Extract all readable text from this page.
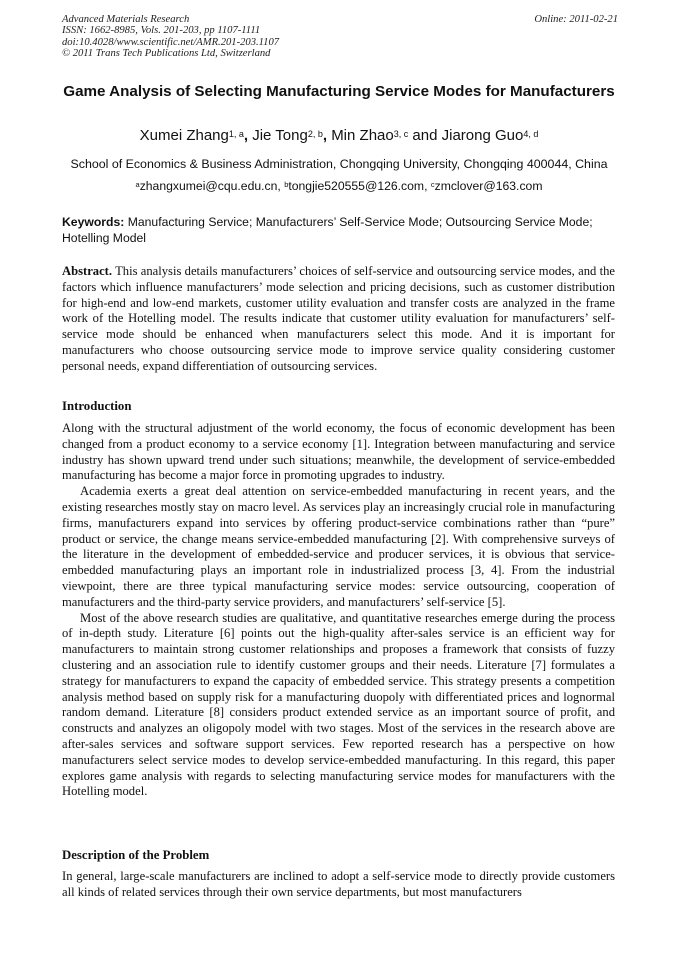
Advanced Materials Research
ISSN: 1662-8985, Vols. 201-203, pp 1107-1111
doi:10.4028/www.scientific.net/AMR.201-203.1107
© 2011 Trans Tech Publications Ltd, Switzerland
Online: 2011-02-21
Game Analysis of Selecting Manufacturing Service Modes for Manufacturers
Xumei Zhang$^{1, a}$, Jie Tong$^{2, b}$, Min Zhao$^{3, c}$ and Jiarong Guo$^{4, d}$
School of Economics & Business Administration, Chongqing University, Chongqing 400044, China
$^a$zhangxumei@cqu.edu.cn, $^b$tongjie520555@126.com, $^c$zmclover@163.com
Keywords: Manufacturing Service; Manufacturers’ Self-Service Mode; Outsourcing Service Mode; Hotelling Model

Abstract. This analysis details manufacturers’ choices of self-service and outsourcing service modes, and the factors which influence manufacturers’ mode selection and pricing decisions, such as customer distribution for high-end and low-end markets, customer utility evaluation and transfer costs are analyzed in the frame work of the Hotelling model. The results indicate that customer utility evaluation for manufacturers’ self-service mode should be enhanced when manufacturers select this mode. And it is important for manufacturers who choose outsourcing service mode to improve service quality considering customer personal needs, expand differentiation of outsourcing services.

Introduction

Along with the structural adjustment of the world economy, the focus of economic development has been changed from a product economy to a service economy [1]. Integration between manufacturing and service industry has shown upward trend under such situations; meanwhile, the development of service-embedded manufacturing has become a major force in promoting upgrades to industry.

Academia exerts a great deal attention on service-embedded manufacturing in recent years, and the existing researches mostly stay on macro level. As services play an increasingly crucial role in manufacturing firms, manufacturers expand into services by offering product-service combinations rather than “pure” product or service, the change means service-embedded manufacturing [2]. With comprehensive surveys of the literature in the development of embedded-service and producer services, it is obvious that service-embedded manufacturing plays an important role in industrialized process [3, 4]. From the industrial viewpoint, there are three typical manufacturing service modes: service outsourcing, cooperation of manufacturers and the third-party service providers, and manufacturers’ self-service [5].

Most of the above research studies are qualitative, and quantitative researches emerge during the process of in-depth study. Literature [6] points out the high-quality after-sales service is an efficient way for manufacturers to maintain strong customer relationships and proposes a framework that consists of fuzzy clustering and an association rule to identify customer groups and their needs. Literature [7] formulates a strategy for manufacturers to expand the capacity of embedded service. This strategy presents a competition analysis method based on supply risk for a manufacturing duopoly with differentiated prices and lognormal random demand. Literature [8] considers product extended service as an important source of profit, and constructs and analyzes an oligopoly model with two stages. Most of the services in the research above are after-sales services and software support services. Few reported research has a perspective on how manufacturers select service modes to develop service-embedded manufacturing. In this regard, this paper explores game analysis with regards to selecting manufacturing service modes for manufacturers with the Hotelling model.

Description of the Problem

In general, large-scale manufacturers are inclined to adopt a self-service mode to directly provide customers all kinds of related services through their own service departments, but most manufacturers
